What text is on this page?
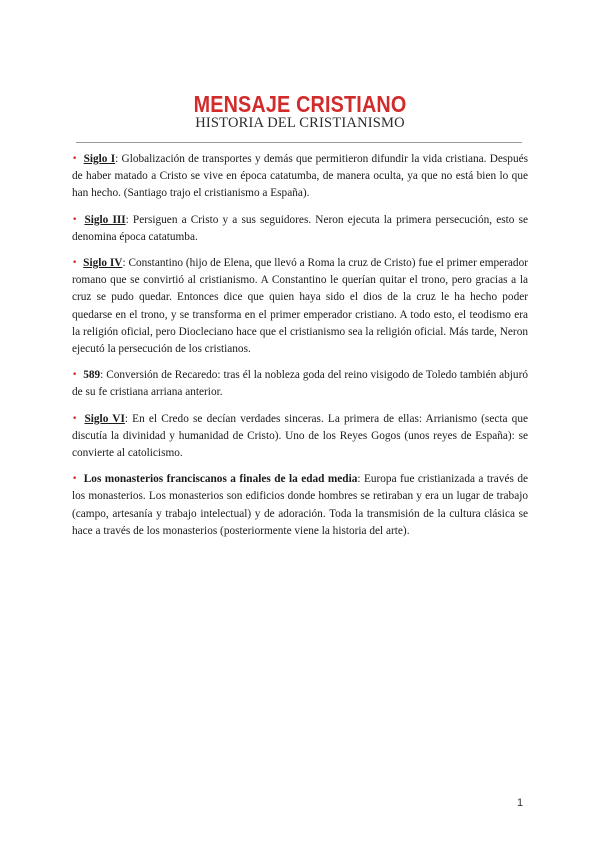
MENSAJE CRISTIANO
HISTORIA DEL CRISTIANISMO

• Siglo I: Globalización de transportes y demás que permitieron difundir la vida cristiana. Después de haber matado a Cristo se vive en época catatumba, de manera oculta, ya que no está bien lo que han hecho. (Santiago trajo el cristianismo a España).

• Siglo III: Persiguen a Cristo y a sus seguidores. Neron ejecuta la primera persecución, esto se denomina época catatumba.

• Siglo IV: Constantino (hijo de Elena, que llevó a Roma la cruz de Cristo) fue el primer emperador romano que se convirtió al cristianismo. A Constantino le querían quitar el trono, pero gracias a la cruz se pudo quedar. Entonces dice que quien haya sido el dios de la cruz le ha hecho poder quedarse en el trono, y se transforma en el primer emperador cristiano. A todo esto, el teodismo era la religión oficial, pero Diocleciano hace que el cristianismo sea la religión oficial. Más tarde, Neron ejecutó la persecución de los cristianos.

• 589: Conversión de Recaredo: tras él la nobleza goda del reino visigodo de Toledo también abjuró de su fe cristiana arriana anterior.

• Siglo VI: En el Credo se decían verdades sinceras. La primera de ellas: Arrianismo (secta que discutía la divinidad y humanidad de Cristo). Uno de los Reyes Gogos (unos reyes de España): se convierte al catolicismo.

• Los monasterios franciscanos a finales de la edad media: Europa fue cristianizada a través de los monasterios. Los monasterios son edificios donde hombres se retiraban y era un lugar de trabajo (campo, artesanía y trabajo intelectual) y de adoración. Toda la transmisión de la cultura clásica se hace a través de los monasterios (posteriormente viene la historia del arte).

1
